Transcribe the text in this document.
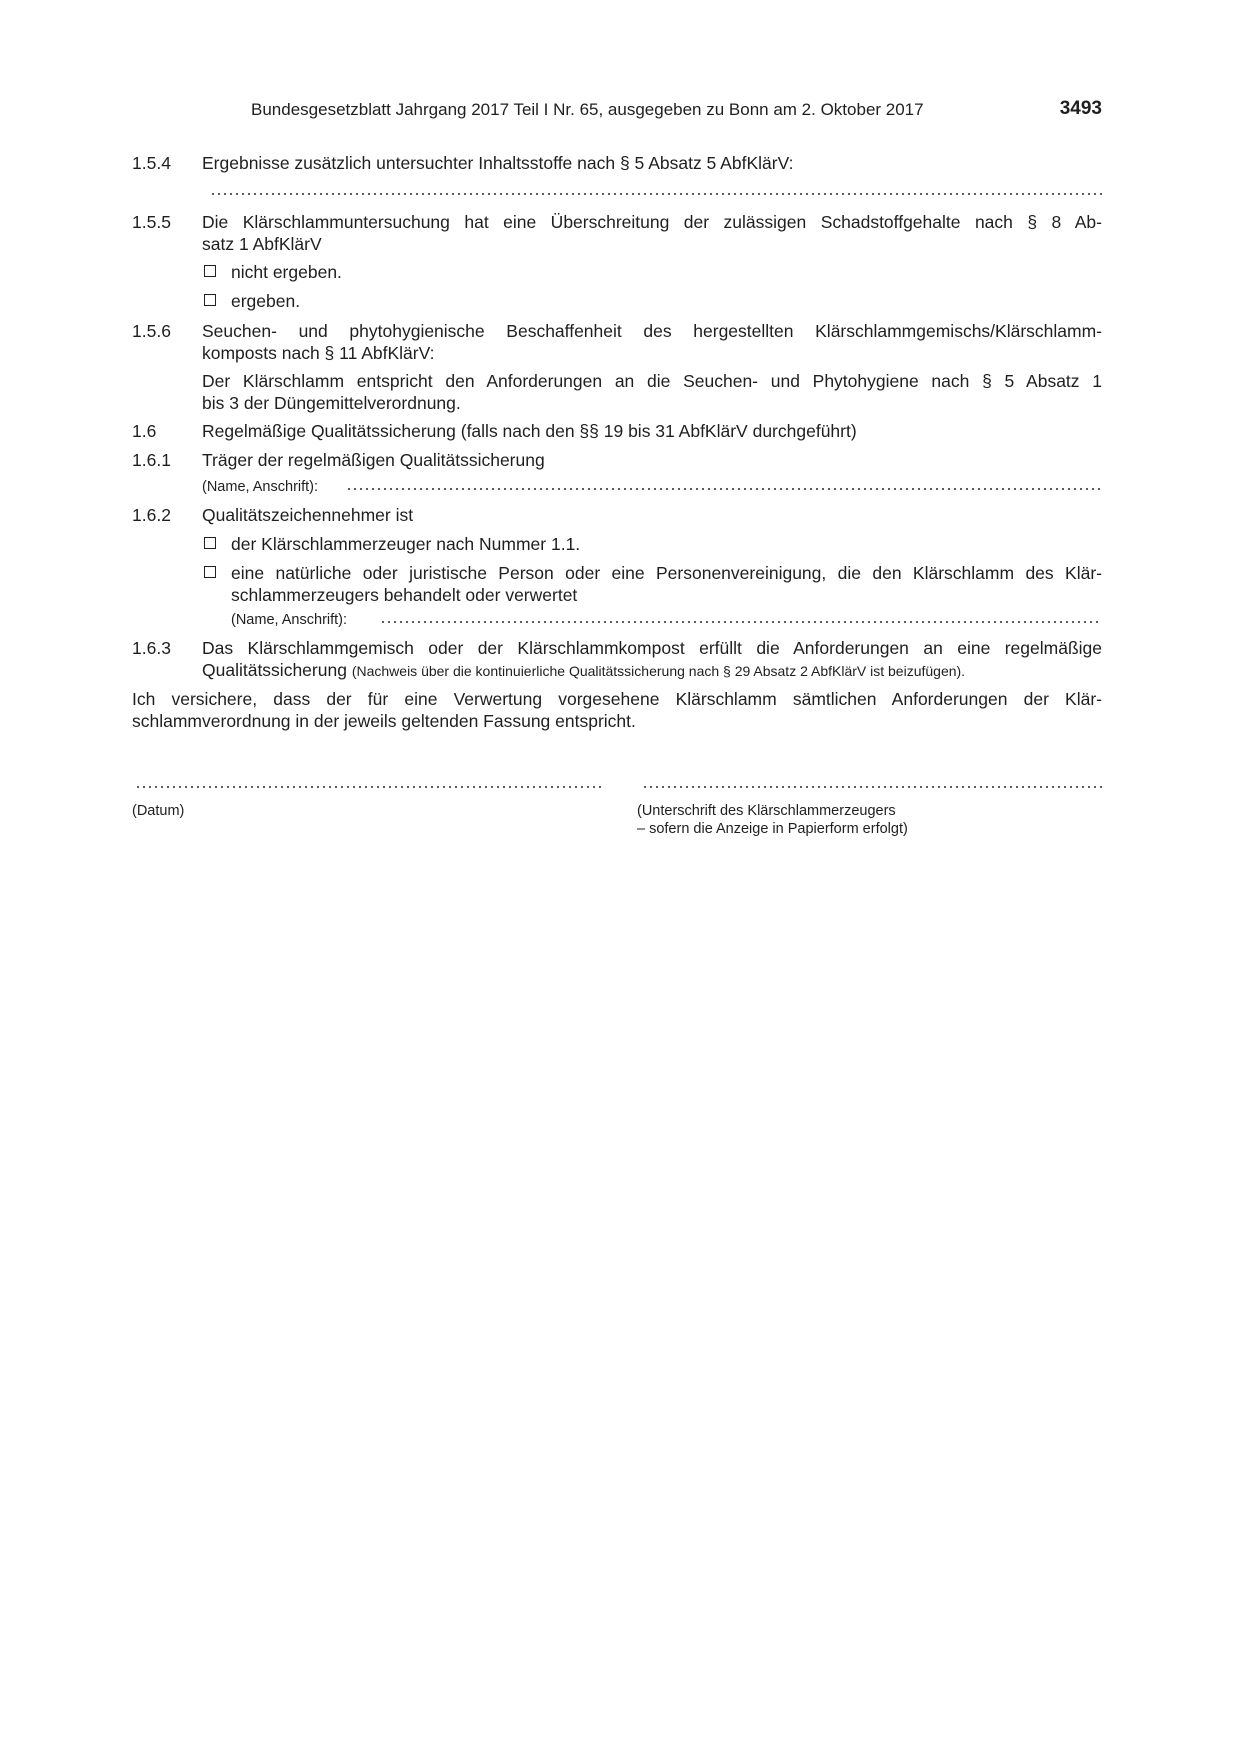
Bundesgesetzblatt Jahrgang 2017 Teil I Nr. 65, ausgegeben zu Bonn am 2. Oktober 2017	3493
1.5.4	Ergebnisse zusätzlich untersuchter Inhaltsstoffe nach § 5 Absatz 5 AbfKlärV:
1.5.5	Die Klärschlammuntersuchung hat eine Überschreitung der zulässigen Schadstoffgehalte nach § 8 Ab-
satz 1 AbfKlärV
nicht ergeben.
ergeben.
1.5.6	Seuchen- und phytohygienische Beschaffenheit des hergestellten Klärschlammgemischs/Klärschlamm-
komposts nach § 11 AbfKlärV:
Der Klärschlamm entspricht den Anforderungen an die Seuchen- und Phytohygiene nach § 5 Absatz 1
bis 3 der Düngemittelverordnung.
1.6	Regelmäßige Qualitätssicherung (falls nach den §§ 19 bis 31 AbfKlärV durchgeführt)
1.6.1	Träger der regelmäßigen Qualitätssicherung
(Name, Anschrift):
1.6.2	Qualitätszeichennehmer ist
der Klärschlammerzeuger nach Nummer 1.1.
eine natürliche oder juristische Person oder eine Personenvereinigung, die den Klärschlamm des Klär-
schlammerzeugers behandelt oder verwertet
(Name, Anschrift):
1.6.3	Das Klärschlammgemisch oder der Klärschlammkompost erfüllt die Anforderungen an eine regelmäßige
Qualitätssicherung (Nachweis über die kontinuierliche Qualitätssicherung nach § 29 Absatz 2 AbfKlärV ist beizufügen).
Ich versichere, dass der für eine Verwertung vorgesehene Klärschlamm sämtlichen Anforderungen der Klär-
schlammverordnung in der jeweils geltenden Fassung entspricht.
(Datum)	(Unterschrift des Klärschlammerzeugers
– sofern die Anzeige in Papierform erfolgt)
